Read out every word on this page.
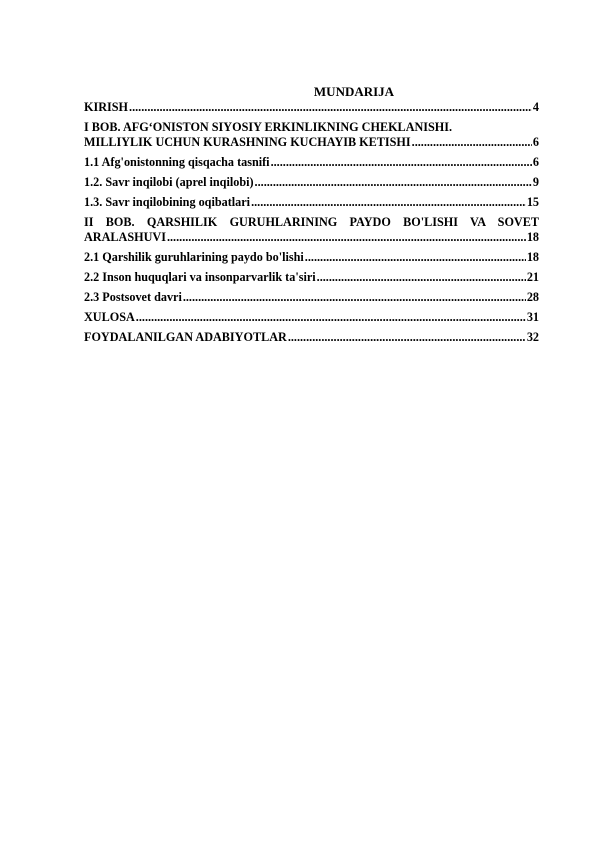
MUNDARIJA
KIRISH .....	4
I BOB. AFG‘ONISTON SIYOSIY ERKINLIKNING CHEKLANISHI.
MILLIYLIK UCHUN KURASHNING KUCHAYIB KETISHI .....	6
1.1 Afg'onistonning qisqacha tasnifi .....	6
1.2. Savr inqilobi (aprel inqilobi) .....	9
1.3. Savr inqilobining oqibatlari .....	15
II BOB. QARSHILIK GURUHLARINING PAYDO BO'LISHI VA SOVET
ARALASHUVI .....	18
2.1 Qarshilik guruhlarining paydo bo'lishi .....	18
2.2 Inson huquqlari va insonparvarlik ta'siri .....	21
2.3 Postsovet davri .....	28
XULOSA .....	31
FOYDALANILGAN ADABIYOTLAR .....	32
